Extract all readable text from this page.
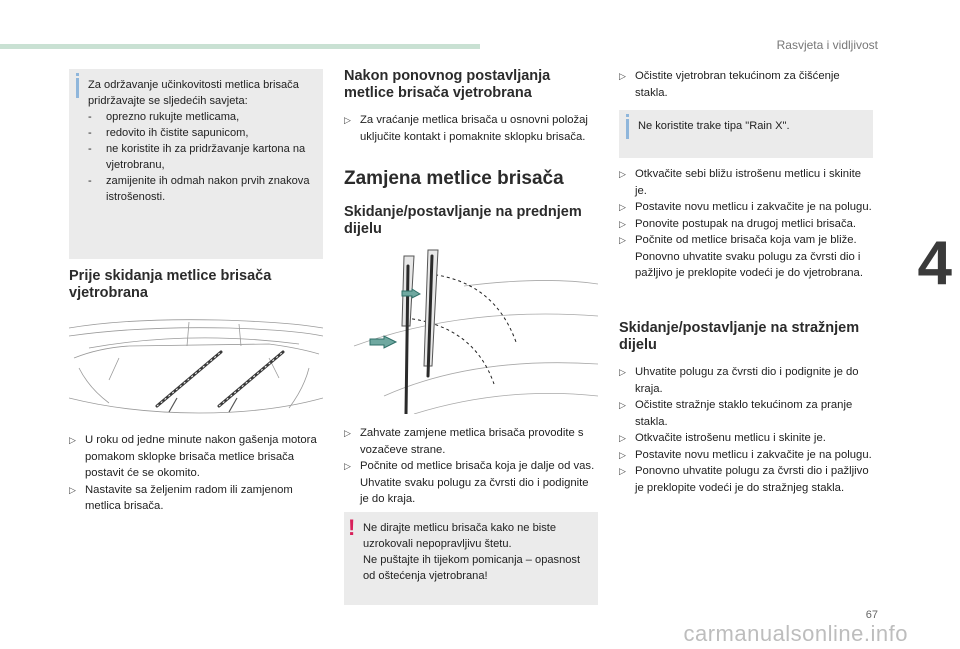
Rasvjeta i vidljivost
4
Za održavanje učinkovitosti metlica brisača pridržavajte se sljedećih savjeta:
- oprezno rukujte metlicama,
- redovito ih čistite sapunicom,
- ne koristite ih za pridržavanje kartona na vjetrobranu,
- zamijenite ih odmah nakon prvih znakova istrošenosti.
Prije skidanja metlice brisača vjetrobrana
▷ U roku od jedne minute nakon gašenja motora pomakom sklopke brisača metlice brisača postavit će se okomito.
▷ Nastavite sa željenim radom ili zamjenom metlica brisača.
Nakon ponovnog postavljanja metlice brisača vjetrobrana
▷ Za vraćanje metlica brisača u osnovni položaj uključite kontakt i pomaknite sklopku brisača.
Zamjena metlice brisača
Skidanje/postavljanje na prednjem dijelu
▷ Zahvate zamjene metlica brisača provodite s vozačeve strane.
▷ Počnite od metlice brisača koja je dalje od vas. Uhvatite svaku polugu za čvrsti dio i podignite je do kraja.
! Ne dirajte metlicu brisača kako ne biste uzrokovali nepopravljivu štetu.
Ne puštajte ih tijekom pomicanja – opasnost od oštećenja vjetrobrana!
▷ Očistite vjetrobran tekućinom za čišćenje stakla.
Ne koristite trake tipa "Rain X".
▷ Otkvačite sebi bližu istrošenu metlicu i skinite je.
▷ Postavite novu metlicu i zakvačite je na polugu.
▷ Ponovite postupak na drugoj metlici brisača.
▷ Počnite od metlice brisača koja vam je bliže. Ponovno uhvatite svaku polugu za čvrsti dio i pažljivo je preklopite vodeći je do vjetrobrana.
Skidanje/postavljanje na stražnjem dijelu
▷ Uhvatite polugu za čvrsti dio i podignite je do kraja.
▷ Očistite stražnje staklo tekućinom za pranje stakla.
▷ Otkvačite istrošenu metlicu i skinite je.
▷ Postavite novu metlicu i zakvačite je na polugu.
▷ Ponovno uhvatite polugu za čvrsti dio i pažljivo je preklopite vodeći je do stražnjeg stakla.
67
carmanualsonline.info
